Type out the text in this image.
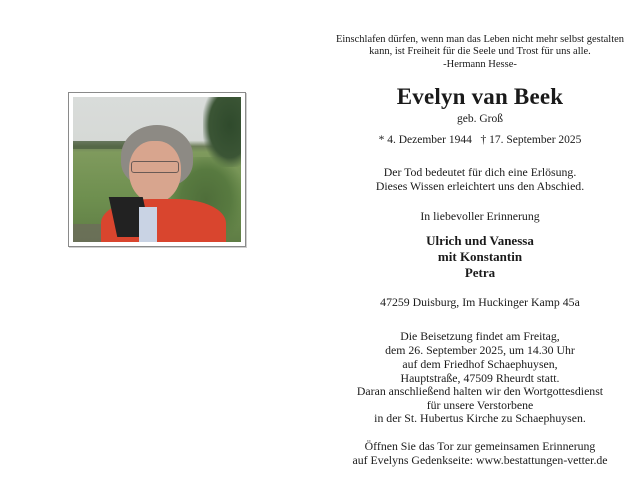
Einschlafen dürfen, wenn man das Leben nicht mehr selbst gestalten
kann, ist Freiheit für die Seele und Trost für uns alle.
-Hermann Hesse-
Evelyn van Beek
geb. Groß
* 4. Dezember 1944   † 17. September 2025
Der Tod bedeutet für dich eine Erlösung.
Dieses Wissen erleichtert uns den Abschied.
In liebevoller Erinnerung
Ulrich und Vanessa
mit Konstantin
Petra
47259 Duisburg, Im Huckinger Kamp 45a
Die Beisetzung findet am Freitag,
dem 26. September 2025, um 14.30 Uhr
auf dem Friedhof Schaephuysen,
Hauptstraße, 47509 Rheurdt statt.
Daran anschließend halten wir den Wortgottesdienst
für unsere Verstorbene
in der St. Hubertus Kirche zu Schaephuysen.
Öffnen Sie das Tor zur gemeinsamen Erinnerung
auf Evelyns Gedenkseite: www.bestattungen-vetter.de
